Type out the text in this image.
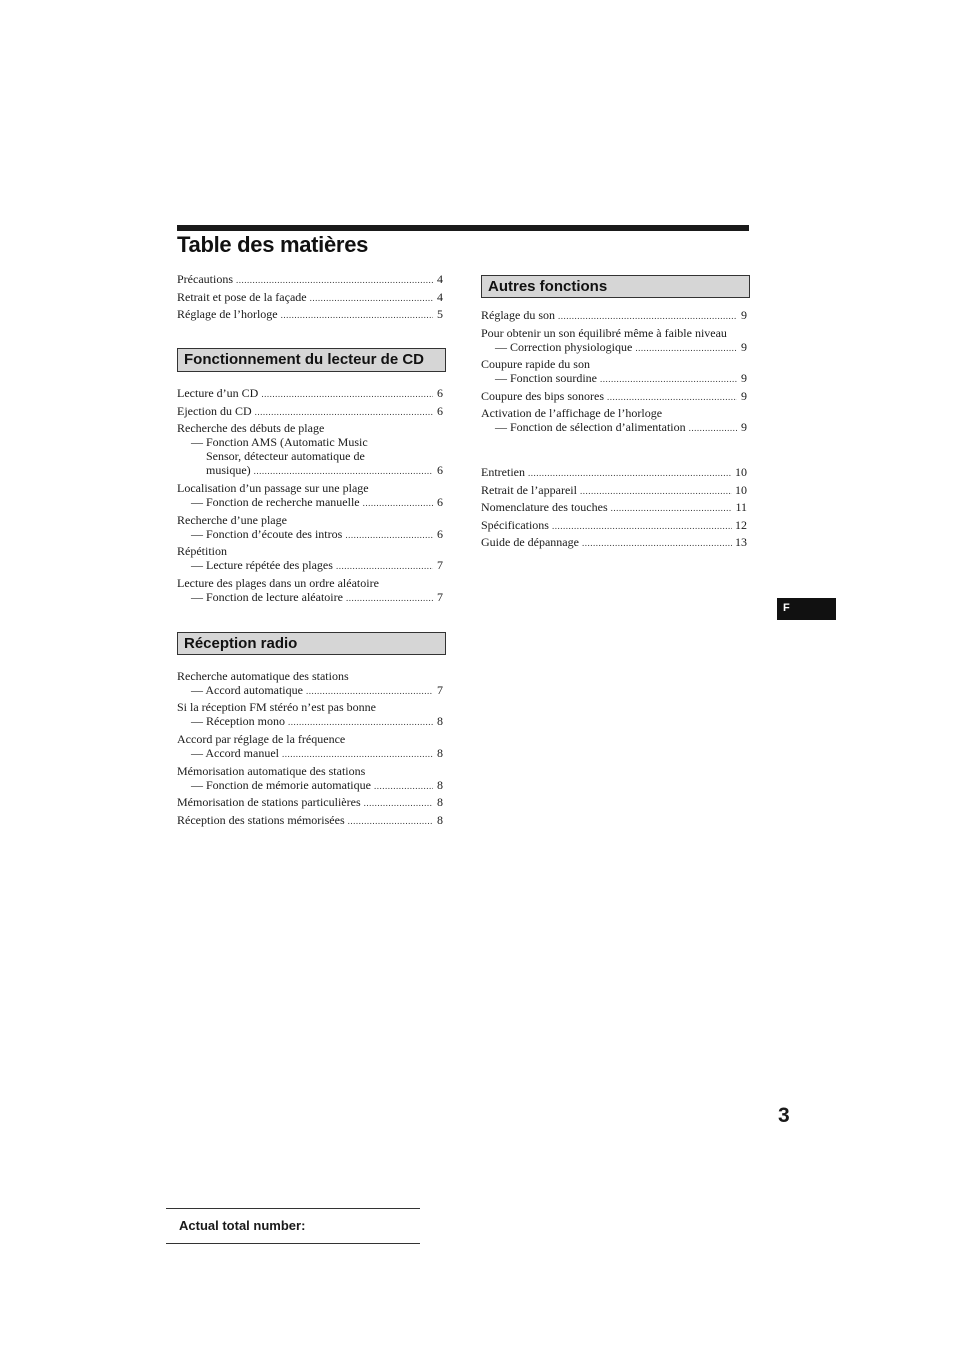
Table des matières
Précautions .....	4
Retrait et pose de la façade .....	4
Réglage de l’horloge .....	5
Fonctionnement du lecteur de CD
Lecture d’un CD .....	6
Ejection du CD .....	6
Recherche des débuts de plage
— Fonction AMS (Automatic Music
Sensor, détecteur automatique de
musique) .....	6
Localisation d’un passage sur une plage
— Fonction de recherche manuelle .....	6
Recherche d’une plage
— Fonction d’écoute des intros .....	6
Répétition
— Lecture répétée des plages .....	7
Lecture des plages dans un ordre aléatoire
— Fonction de lecture aléatoire .....	7
Réception radio
Recherche automatique des stations
— Accord automatique .....	7
Si la réception FM stéréo n’est pas bonne
— Réception mono .....	8
Accord par réglage de la fréquence
— Accord manuel .....	8
Mémorisation automatique des stations
— Fonction de mémorie automatique .....	8
Mémorisation de stations particulières .....	8
Réception des stations mémorisées .....	8
Autres fonctions
Réglage du son .....	9
Pour obtenir un son équilibré même à faible niveau
— Correction physiologique .....	9
Coupure rapide du son
— Fonction sourdine .....	9
Coupure des bips sonores .....	9
Activation de l’affichage de l’horloge
— Fonction de sélection d’alimentation .....	9
Entretien .....	10
Retrait de l’appareil .....	10
Nomenclature des touches .....	11
Spécifications .....	12
Guide de dépannage .....	13
F
3
Actual total number:
